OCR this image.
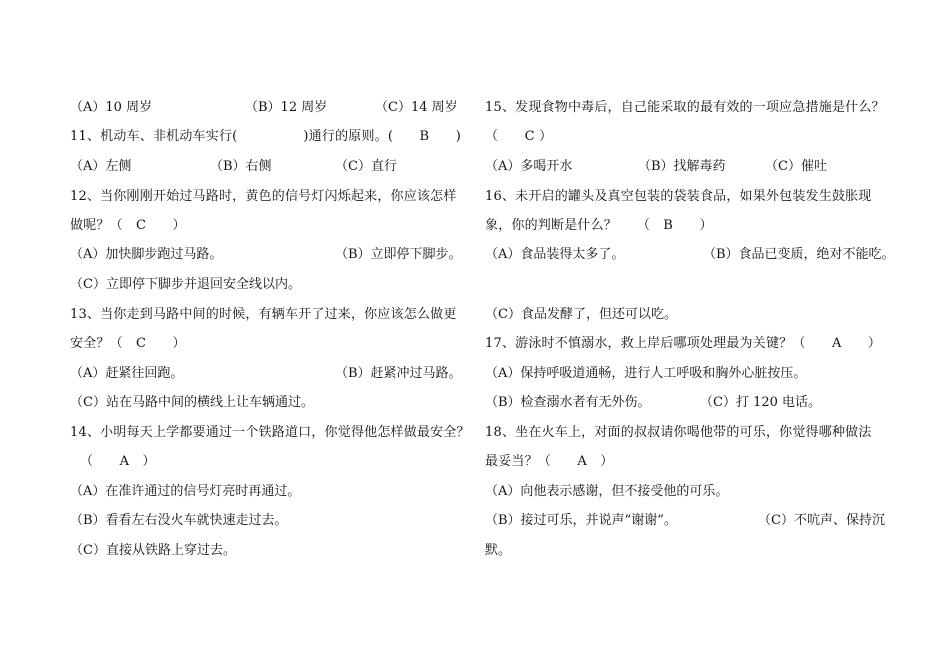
（A）10 周岁	（B）12 周岁	（C）14 周岁
11、机动车、非机动车实行(　　　　　)通行的原则。(　　B　　)
（A）左侧	（B）右侧	（C）直行
12、当你刚刚开始过马路时，黄色的信号灯闪烁起来，你应该怎样
做呢？（　C　　）
（A）加快脚步跑过马路。	（B）立即停下脚步。
（C）立即停下脚步并退回安全线以内。
13、当你走到马路中间的时候，有辆车开了过来，你应该怎么做更
安全？（　C　　）
（A）赶紧往回跑。	（B）赶紧冲过马路。
（C）站在马路中间的横线上让车辆通过。
14、小明每天上学都要通过一个铁路道口，你觉得他怎样做最安全？
（　　A　）
（A）在准许通过的信号灯亮时再通过。
（B）看看左右没火车就快速走过去。
（C）直接从铁路上穿过去。
15、发现食物中毒后，自己能采取的最有效的一项应急措施是什么？
（　　C ）
（A）多喝开水	（B）找解毒药	（C）催吐
16、未开启的罐头及真空包装的袋装食品，如果外包装发生鼓胀现
象，你的判断是什么？　　（　B　　）
（A）食品装得太多了。	（B）食品已变质，绝对不能吃。
（C）食品发酵了，但还可以吃。
17、游泳时不慎溺水，救上岸后哪项处理最为关键？（　　A　　）
（A）保持呼吸道通畅，进行人工呼吸和胸外心脏按压。
（B）检查溺水者有无外伤。	（C）打 120 电话。
18、坐在火车上，对面的叔叔请你喝他带的可乐，你觉得哪种做法
最妥当？（　　A　）
（A）向他表示感谢，但不接受他的可乐。
（B）接过可乐，并说声“谢谢”。	（C）不吭声、保持沉
默。
